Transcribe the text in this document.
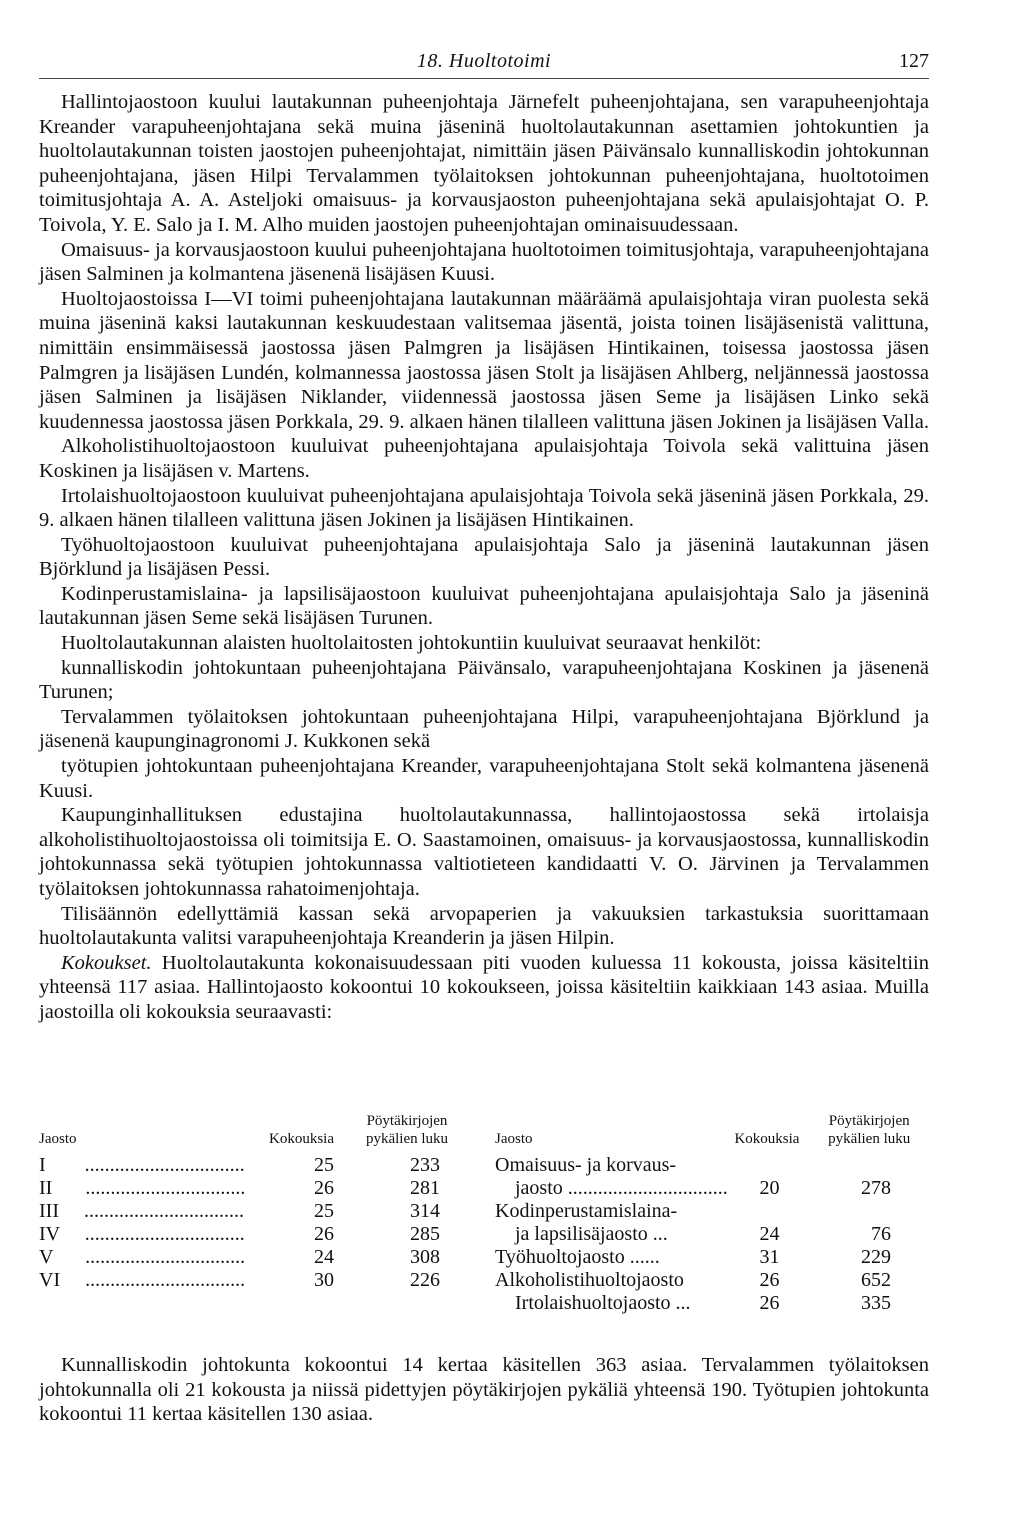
18. Huoltotoimi	127

Hallintojaostoon kuului lautakunnan puheenjohtaja Järnefelt puheenjohtajana, sen varapuheenjohtaja Kreander varapuheenjohtajana sekä muina jäseninä huoltolautakunnan asettamien johtokuntien ja huoltolautakunnan toisten jaostojen puheenjohtajat, nimittäin jäsen Päivänsalo kunnalliskodin johtokunnan puheenjohtajana, jäsen Hilpi Tervalammen työlaitoksen johtokunnan puheenjohtajana, huoltotoimen toimitusjohtaja A. A. Asteljoki omaisuus- ja korvausjaoston puheenjohtajana sekä apulaisjohtajat O. P. Toivola, Y. E. Salo ja I. M. Alho muiden jaostojen puheenjohtajan ominaisuudessaan.

Omaisuus- ja korvausjaostoon kuului puheenjohtajana huoltotoimen toimitusjohtaja, varapuheenjohtajana jäsen Salminen ja kolmantena jäsenenä lisäjäsen Kuusi.

Huoltojaostoissa I—VI toimi puheenjohtajana lautakunnan määräämä apulaisjohtaja viran puolesta sekä muina jäseninä kaksi lautakunnan keskuudestaan valitsemaa jäsentä, joista toinen lisäjäsenistä valittuna, nimittäin ensimmäisessä jaostossa jäsen Palmgren ja lisäjäsen Hintikainen, toisessa jaostossa jäsen Palmgren ja lisäjäsen Lundén, kolmannessa jaostossa jäsen Stolt ja lisäjäsen Ahlberg, neljännessä jaostossa jäsen Salminen ja lisäjäsen Niklander, viidennessä jaostossa jäsen Seme ja lisäjäsen Linko sekä kuudennessa jaostossa jäsen Porkkala, 29. 9. alkaen hänen tilalleen valittuna jäsen Jokinen ja lisäjäsen Valla.

Alkoholistihuoltojaostoon kuuluivat puheenjohtajana apulaisjohtaja Toivola sekä valittuina jäsen Koskinen ja lisäjäsen v. Martens.

Irtolaishuoltojaostoon kuuluivat puheenjohtajana apulaisjohtaja Toivola sekä jäseninä jäsen Porkkala, 29. 9. alkaen hänen tilalleen valittuna jäsen Jokinen ja lisäjäsen Hintikainen.

Työhuoltojaostoon kuuluivat puheenjohtajana apulaisjohtaja Salo ja jäseninä lautakunnan jäsen Björklund ja lisäjäsen Pessi.

Kodinperustamislaina- ja lapsilisäjaostoon kuuluivat puheenjohtajana apulaisjohtaja Salo ja jäseninä lautakunnan jäsen Seme sekä lisäjäsen Turunen.

Huoltolautakunnan alaisten huoltolaitosten johtokuntiin kuuluivat seuraavat henkilöt:

kunnalliskodin johtokuntaan puheenjohtajana Päivänsalo, varapuheenjohtajana Koskinen ja jäsenenä Turunen;

Tervalammen työlaitoksen johtokuntaan puheenjohtajana Hilpi, varapuheenjohtajana Björklund ja jäsenenä kaupunginagronomi J. Kukkonen sekä

työtupien johtokuntaan puheenjohtajana Kreander, varapuheenjohtajana Stolt sekä kolmantena jäsenenä Kuusi.

Kaupunginhallituksen edustajina huoltolautakunnassa, hallintojaostossa sekä irtolaisja alkoholistihuoltojaostoissa oli toimitsija E. O. Saastamoinen, omaisuus- ja korvausjaostossa, kunnalliskodin johtokunnassa sekä työtupien johtokunnassa valtiotieteen kandidaatti V. O. Järvinen ja Tervalammen työlaitoksen johtokunnassa rahatoimenjohtaja.

Tilisäännön edellyttämiä kassan sekä arvopaperien ja vakuuksien tarkastuksia suorittamaan huoltolautakunta valitsi varapuheenjohtaja Kreanderin ja jäsen Hilpin.

Kokoukset. Huoltolautakunta kokonaisuudessaan piti vuoden kuluessa 11 kokousta, joissa käsiteltiin yhteensä 117 asiaa. Hallintojaosto kokoontui 10 kokoukseen, joissa käsiteltiin kaikkiaan 143 asiaa. Muilla jaostoilla oli kokouksia seuraavasti:

Jaosto	Kokouksia	Pöytäkirjojen
pykälien luku

I ................................	25	233
II ................................	26	281
III ................................	25	314
IV ................................	26	285
V ................................	24	308
VI ................................	30	226
Jaosto	Kokouksia	Pöytäkirjojen
pykälien luku

Omaisuus- ja korvaus-		
jaosto ................................	20	278
Kodinperustamislaina-		
ja lapsilisäjaosto ...	24	76
Työhuoltojaosto ......	31	229
Alkoholistihuoltojaosto	26	652
Irtolaishuoltojaosto ...	26	335

Kunnalliskodin johtokunta kokoontui 14 kertaa käsitellen 363 asiaa. Tervalammen työlaitoksen johtokunnalla oli 21 kokousta ja niissä pidettyjen pöytäkirjojen pykäliä yhteensä 190. Työtupien johtokunta kokoontui 11 kertaa käsitellen 130 asiaa.
